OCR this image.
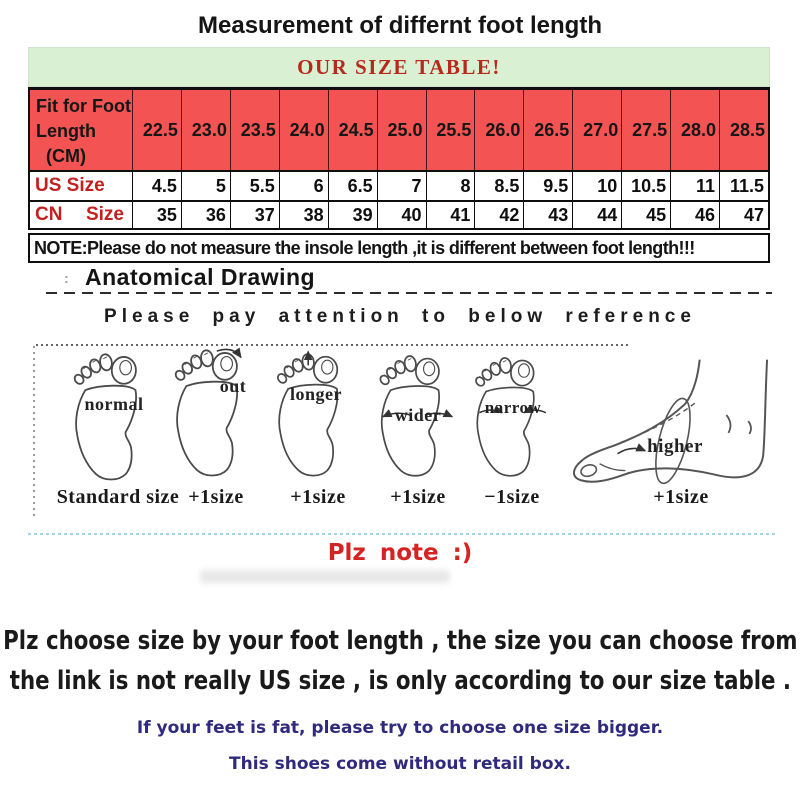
Measurement of differnt foot length
OUR SIZE TABLE!
Fit for Foot
Length
(CM)
22.5 23.0 23.5 24.0 24.5 25.0 25.5 26.0 26.5 27.0 27.5 28.0 28.5
US Size	4.5	5	5.5	6	6.5	7	8	8.5	9.5	10 10.5	11 11.5
CN Size	35	36	37	38	39	40	41	42	43	44	45	46	47
NOTE:Please do not measure the insole length ,it is different between foot length!!!
: Anatomical Drawing
Please pay attention to below reference
normal
out	longer
wider	narrow
higher
Standard size +1size +1size +1size −1size	+1size
Plz note :)
Plz choose size by your foot length , the size you can choose from
the link is not really US size , is only according to our size table .
If your feet is fat, please try to choose one size bigger.
This shoes come without retail box.
